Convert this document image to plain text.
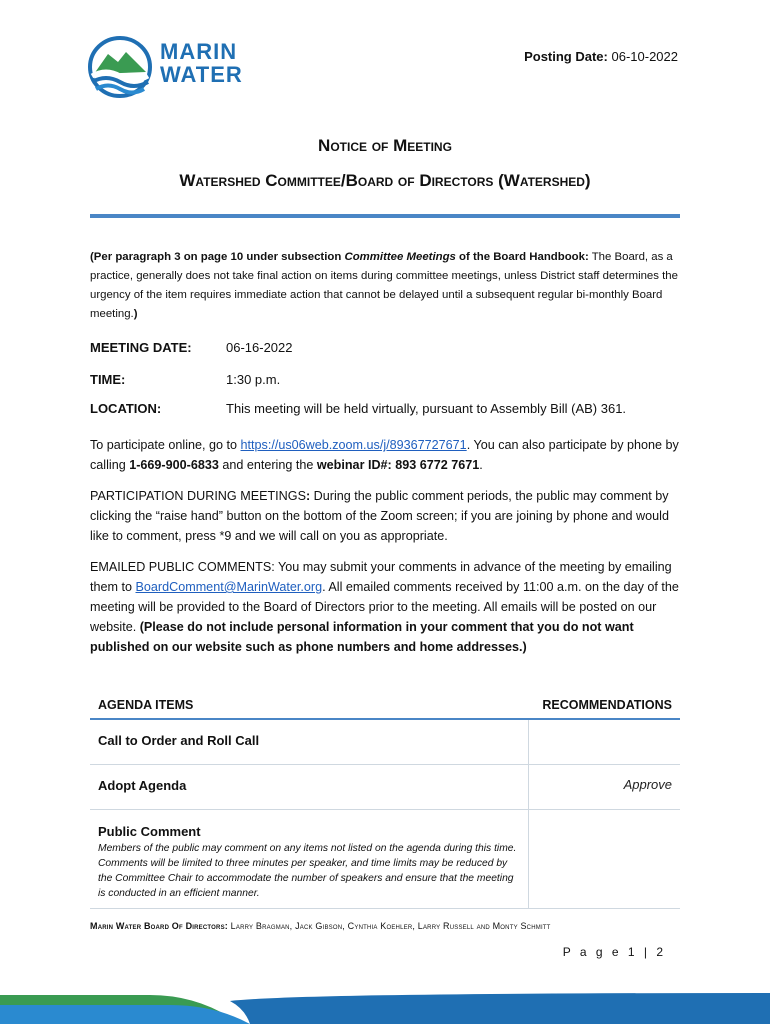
MARIN
WATER
Posting Date: 06-10-2022
Notice of Meeting
Watershed Committee/Board of Directors (Watershed)
(Per paragraph 3 on page 10 under subsection Committee Meetings of the Board Handbook: The Board, as a practice, generally does not take final action on items during committee meetings, unless District staff determines the urgency of the item requires immediate action that cannot be delayed until a subsequent regular bi-monthly Board meeting.)
MEETING DATE:	06-16-2022
TIME:	1:30 p.m.
LOCATION:	This meeting will be held virtually, pursuant to Assembly Bill (AB) 361.
To participate online, go to https://us06web.zoom.us/j/89367727671. You can also participate by phone by calling 1-669-900-6833 and entering the webinar ID#: 893 6772 7671.
PARTICIPATION DURING MEETINGS: During the public comment periods, the public may comment by clicking the “raise hand” button on the bottom of the Zoom screen; if you are joining by phone and would like to comment, press *9 and we will call on you as appropriate.
EMAILED PUBLIC COMMENTS: You may submit your comments in advance of the meeting by emailing them to BoardComment@MarinWater.org. All emailed comments received by 11:00 a.m. on the day of the meeting will be provided to the Board of Directors prior to the meeting. All emails will be posted on our website. (Please do not include personal information in your comment that you do not want published on our website such as phone numbers and home addresses.)
AGENDA ITEMS	RECOMMENDATIONS
Call to Order and Roll Call
Adopt Agenda	Approve
Public Comment
Members of the public may comment on any items not listed on the agenda during this time. Comments will be limited to three minutes per speaker, and time limits may be reduced by the Committee Chair to accommodate the number of speakers and ensure that the meeting is conducted in an efficient manner.
Marin Water Board Of Directors: Larry Bragman, Jack Gibson, Cynthia Koehler, Larry Russell and Monty Schmitt
P a g e 1 | 2
